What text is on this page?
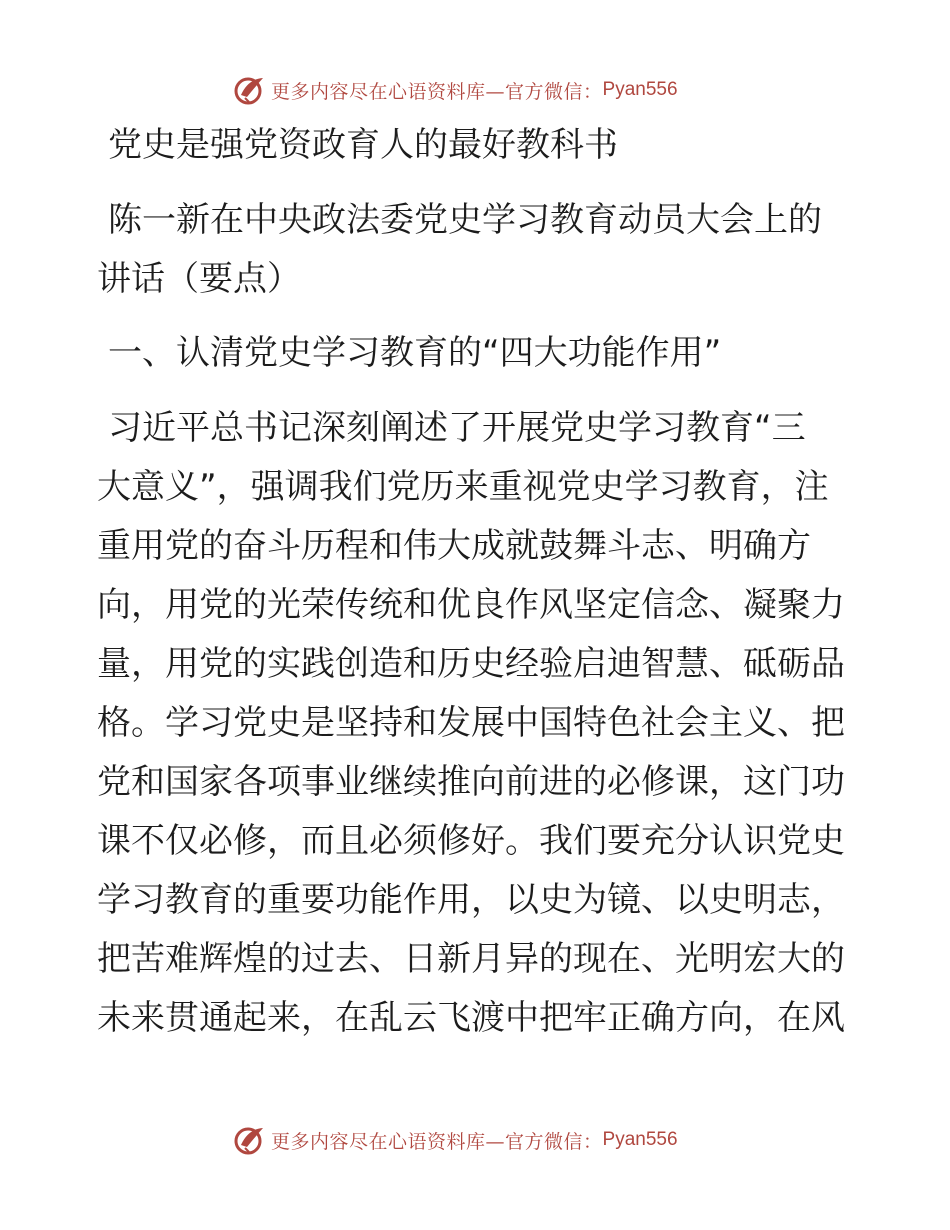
更多内容尽在心语资料库—官方微信： Pyan556
党史是强党资政育人的最好教科书
陈一新在中央政法委党史学习教育动员大会上的
讲话（要点）
一、认清党史学习教育的“四大功能作用”
习近平总书记深刻阐述了开展党史学习教育“三
大意义”，强调我们党历来重视党史学习教育，注
重用党的奋斗历程和伟大成就鼓舞斗志、明确方
向，用党的光荣传统和优良作风坚定信念、凝聚力
量，用党的实践创造和历史经验启迪智慧、砥砺品
格。学习党史是坚持和发展中国特色社会主义、把
党和国家各项事业继续推向前进的必修课，这门功
课不仅必修，而且必须修好。我们要充分认识党史
学习教育的重要功能作用，以史为镜、以史明志，
把苦难辉煌的过去、日新月异的现在、光明宏大的
未来贯通起来，在乱云飞渡中把牢正确方向，在风
更多内容尽在心语资料库—官方微信： Pyan556
